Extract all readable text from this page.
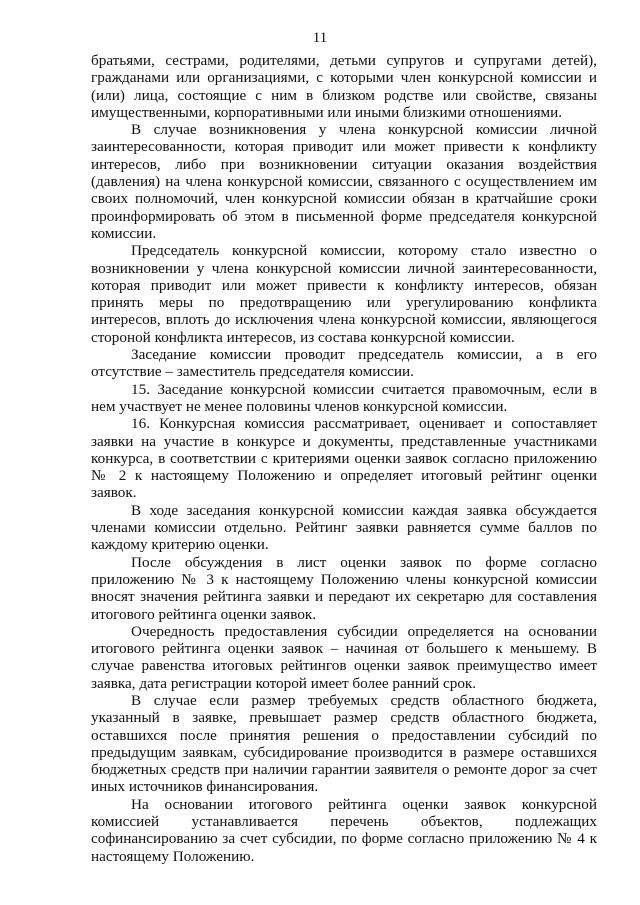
11

братьями, сестрами, родителями, детьми супругов и супругами детей), гражданами или организациями, с которыми член конкурсной комиссии и (или) лица, состоящие с ним в близком родстве или свойстве, связаны имущественными, корпоративными или иными близкими отношениями.

В случае возникновения у члена конкурсной комиссии личной заинтересованности, которая приводит или может привести к конфликту интересов, либо при возникновении ситуации оказания воздействия (давления) на члена конкурсной комиссии, связанного с осуществлением им своих полномочий, член конкурсной комиссии обязан в кратчайшие сроки проинформировать об этом в письменной форме председателя конкурсной комиссии.

Председатель конкурсной комиссии, которому стало известно о возникновении у члена конкурсной комиссии личной заинтересованности, которая приводит или может привести к конфликту интересов, обязан принять меры по предотвращению или урегулированию конфликта интересов, вплоть до исключения члена конкурсной комиссии, являющегося стороной конфликта интересов, из состава конкурсной комиссии.

Заседание комиссии проводит председатель комиссии, а в его отсутствие – заместитель председателя комиссии.

15. Заседание конкурсной комиссии считается правомочным, если в нем участвует не менее половины членов конкурсной комиссии.

16. Конкурсная комиссия рассматривает, оценивает и сопоставляет заявки на участие в конкурсе и документы, представленные участниками конкурса, в соответствии с критериями оценки заявок согласно приложению № 2 к настоящему Положению и определяет итоговый рейтинг оценки заявок.

В ходе заседания конкурсной комиссии каждая заявка обсуждается членами комиссии отдельно. Рейтинг заявки равняется сумме баллов по каждому критерию оценки.

После обсуждения в лист оценки заявок по форме согласно приложению № 3 к настоящему Положению члены конкурсной комиссии вносят значения рейтинга заявки и передают их секретарю для составления итогового рейтинга оценки заявок.

Очередность предоставления субсидии определяется на основании итогового рейтинга оценки заявок – начиная от большего к меньшему. В случае равенства итоговых рейтингов оценки заявок преимущество имеет заявка, дата регистрации которой имеет более ранний срок.

В случае если размер требуемых средств областного бюджета, указанный в заявке, превышает размер средств областного бюджета, оставшихся после принятия решения о предоставлении субсидий по предыдущим заявкам, субсидирование производится в размере оставшихся бюджетных средств при наличии гарантии заявителя о ремонте дорог за счет иных источников финансирования.

На основании итогового рейтинга оценки заявок конкурсной комиссией устанавливается перечень объектов, подлежащих софинансированию за счет субсидии, по форме согласно приложению № 4 к настоящему Положению.
